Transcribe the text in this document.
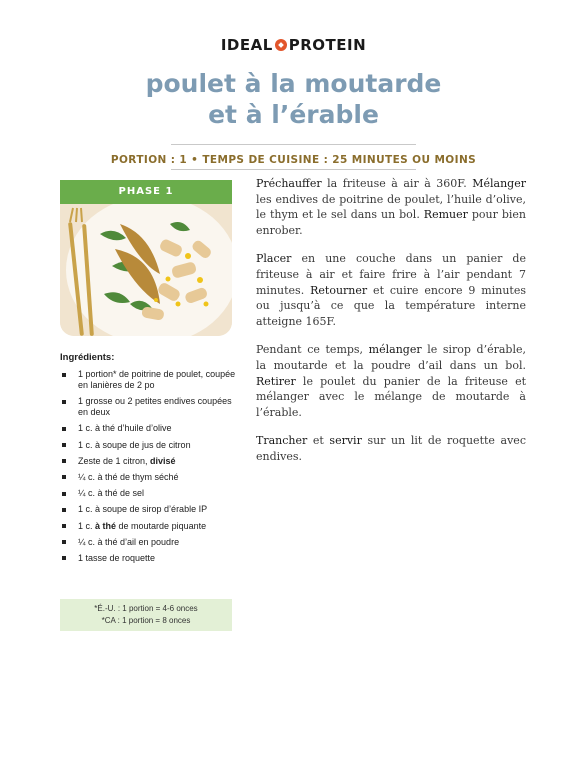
IDEAL PROTEIN
poulet à la moutarde
et à l’érable
PORTION : 1 • TEMPS DE CUISINE : 25 MINUTES OU MOINS
PHASE 1
Ingrédients:
1 portion* de poitrine de poulet, coupée en lanières de 2 po
1 grosse ou 2 petites endives coupées en deux
1 c. à thé d’huile d’olive
1 c. à soupe de jus de citron
Zeste de 1 citron, divisé
¼ c. à thé de thym séché
¼ c. à thé de sel
1 c. à soupe de sirop d’érable IP
1 c. à thé de moutarde piquante
¼ c. à thé d’ail en poudre
1 tasse de roquette
*É.-U. : 1 portion = 4-6 onces
*CA : 1 portion = 8 onces

Préchauffer la friteuse à air à 360F. Mélanger les endives de poitrine de poulet, l’huile d’olive, le thym et le sel dans un bol. Remuer pour bien enrober.

Placer en une couche dans un panier de friteuse à air et faire frire à l’air pendant 7 minutes. Retourner et cuire encore 9 minutes ou jusqu’à ce que la température interne atteigne 165F.

Pendant ce temps, mélanger le sirop d’érable, la moutarde et la poudre d’ail dans un bol. Retirer le poulet du panier de la friteuse et mélanger avec le mélange de moutarde à l’érable.

Trancher et servir sur un lit de roquette avec endives.
